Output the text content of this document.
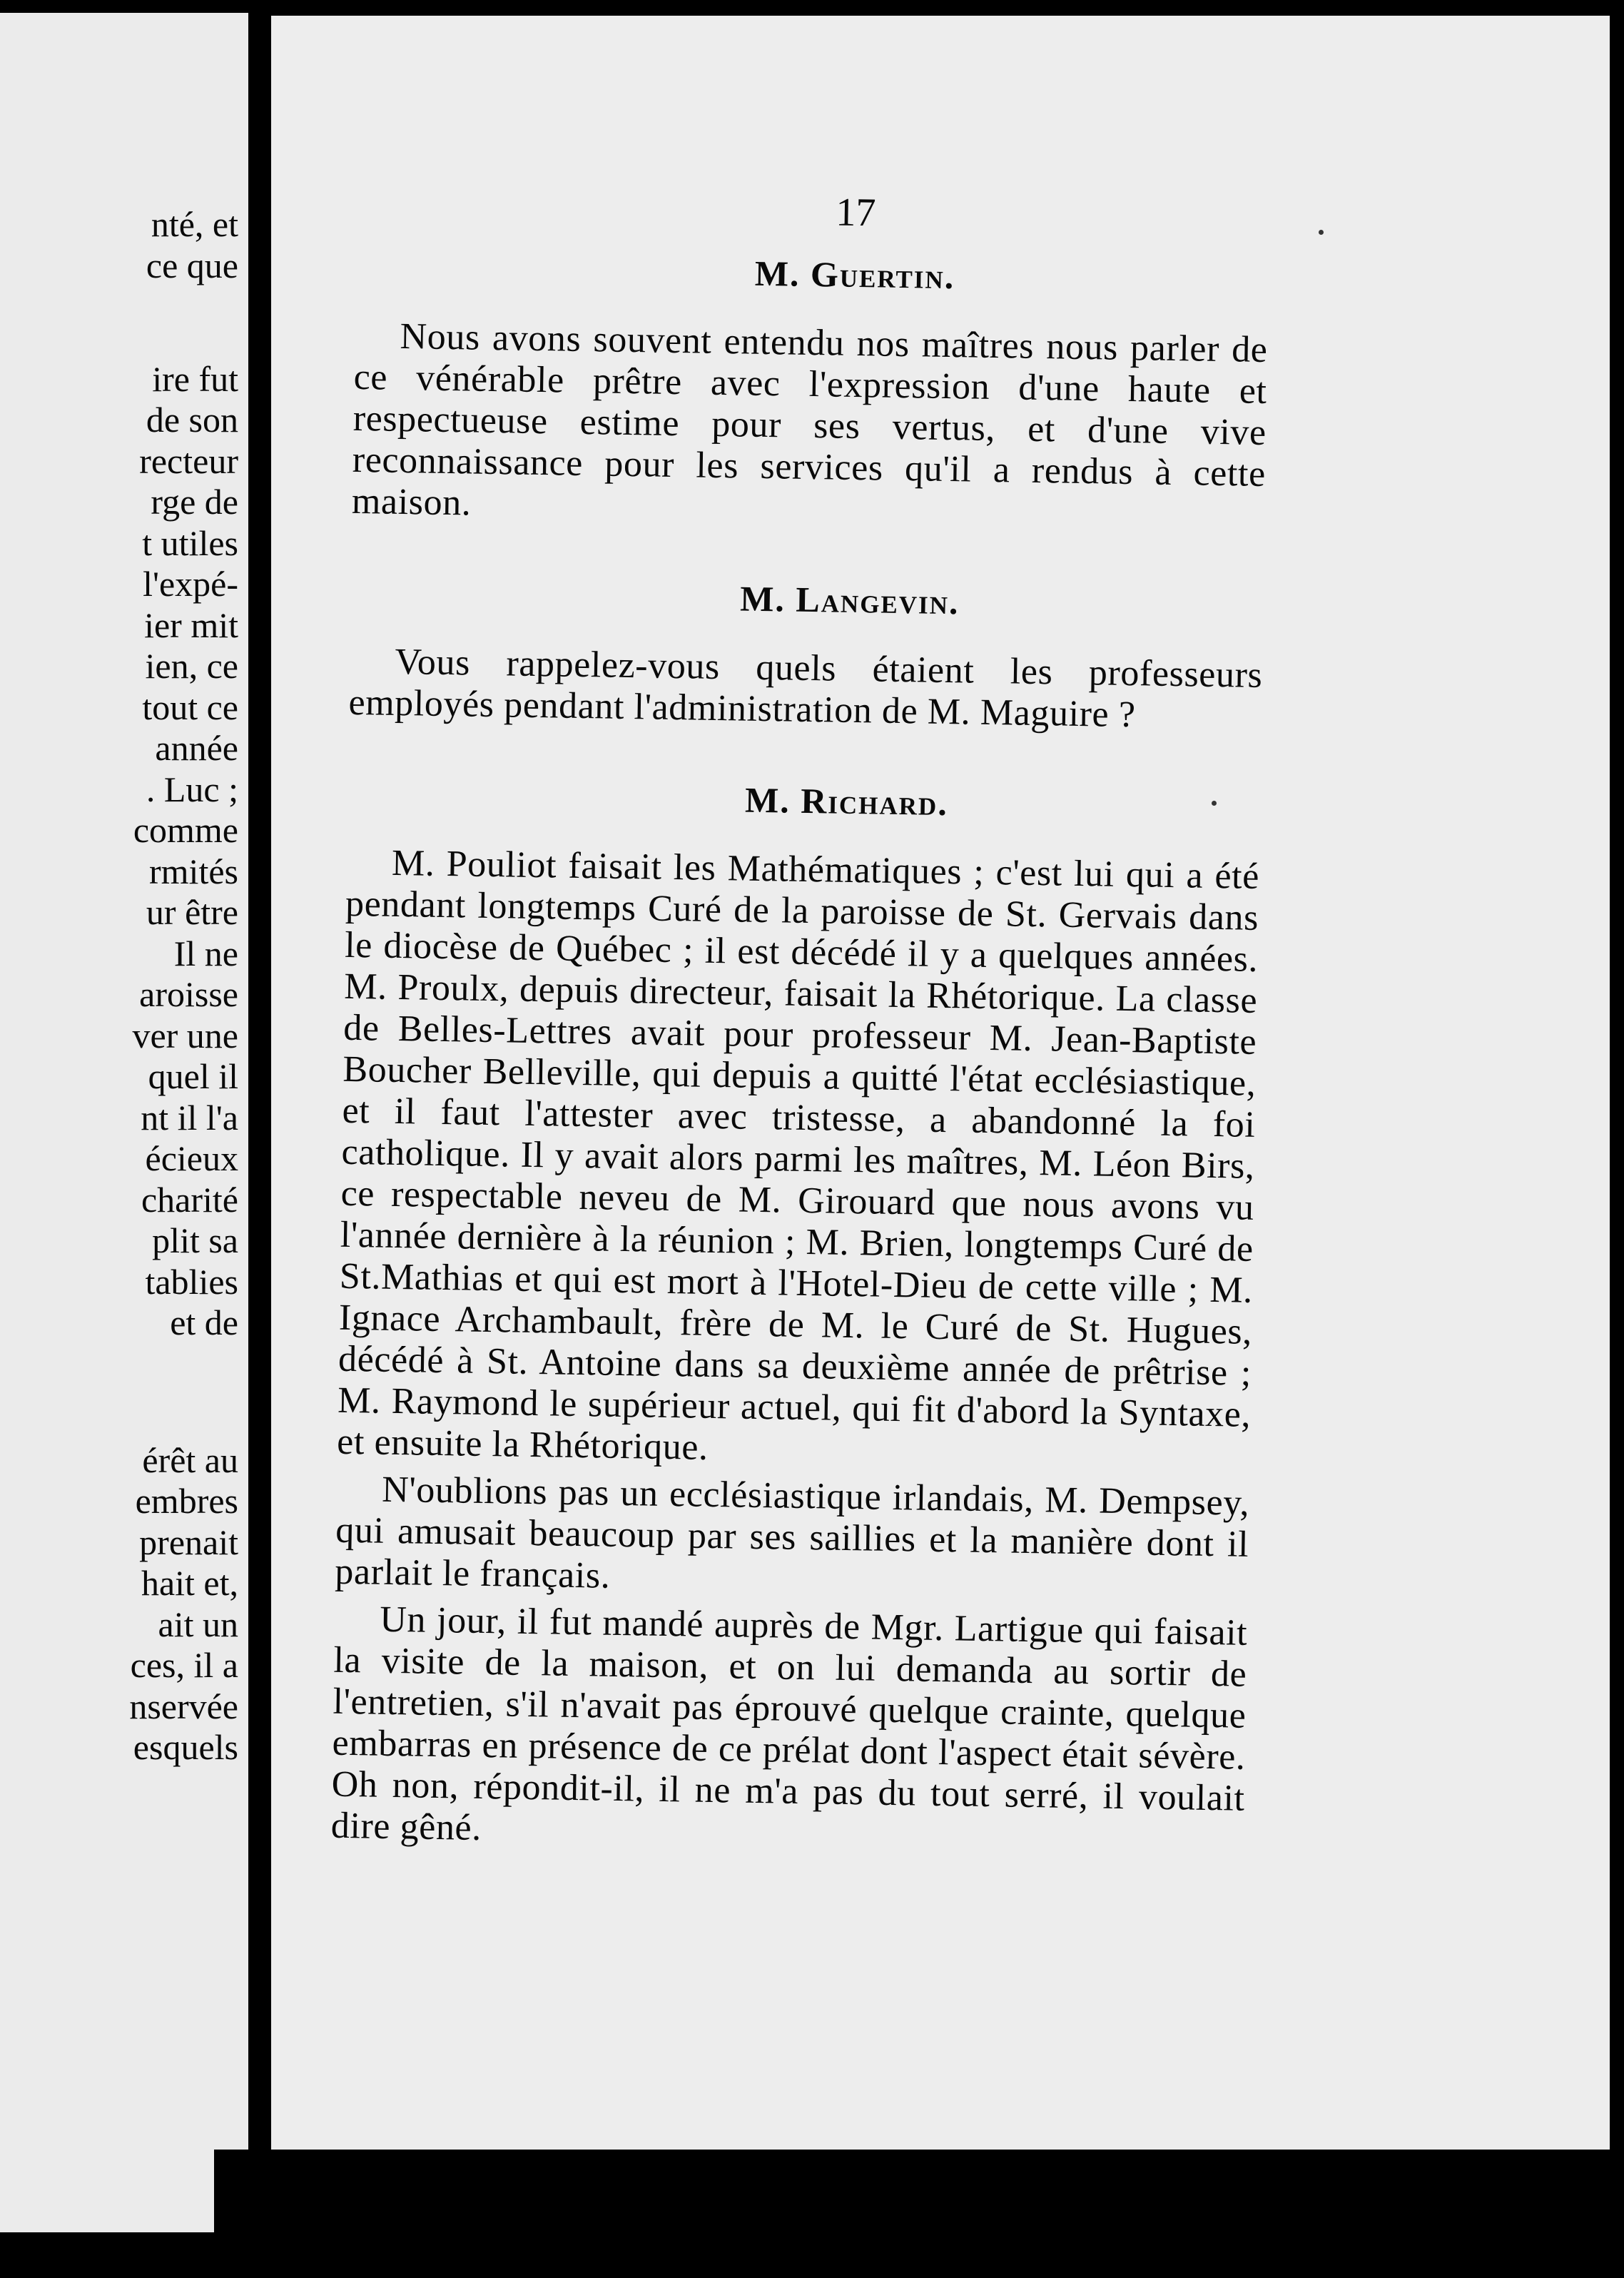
nté, et
ce que
ire fut
de son
recteur
rge de
t utiles
l'expé-
ier mit
ien, ce
tout ce
année
. Luc ;
comme
rmités
ur être
Il ne
aroisse
ver une
quel il
nt il l'a
écieux
charité
plit sa
tablies
et de
érêt au
embres
prenait
hait et,
ait un
ces, il a
nservée
esquels
17
M. Guertin.

Nous avons souvent entendu nos maîtres nous parler de ce vénérable prêtre avec l'expression d'une haute et respectueuse estime pour ses vertus, et d'une vive reconnaissance pour les services qu'il a rendus à cette maison.

M. Langevin.

Vous rappelez-vous quels étaient les professeurs employés pendant l'administration de M. Maguire ?

M. Richard.

M. Pouliot faisait les Mathématiques ; c'est lui qui a été pendant longtemps Curé de la paroisse de St. Gervais dans le diocèse de Québec ; il est décédé il y a quelques années. M. Proulx, depuis directeur, faisait la Rhétorique. La classe de Belles-Lettres avait pour professeur M. Jean-Baptiste Boucher Belleville, qui depuis a quitté l'état ecclésiastique, et il faut l'attester avec tristesse, a abandonné la foi catholique. Il y avait alors parmi les maîtres, M. Léon Birs, ce respectable neveu de M. Girouard que nous avons vu l'année dernière à la réunion ; M. Brien, longtemps Curé de St.Mathias et qui est mort à l'Hotel-Dieu de cette ville ; M. Ignace Archambault, frère de M. le Curé de St. Hugues, décédé à St. Antoine dans sa deuxième année de prêtrise ; M. Raymond le supérieur actuel, qui fit d'abord la Syntaxe, et ensuite la Rhétorique.

N'oublions pas un ecclésiastique irlandais, M. Dempsey, qui amusait beaucoup par ses saillies et la manière dont il parlait le français.

Un jour, il fut mandé auprès de Mgr. Lartigue qui faisait la visite de la maison, et on lui demanda au sortir de l'entretien, s'il n'avait pas éprouvé quelque crainte, quelque embarras en présence de ce prélat dont l'aspect était sévère. Oh non, répondit-il, il ne m'a pas du tout serré, il voulait dire gêné.
